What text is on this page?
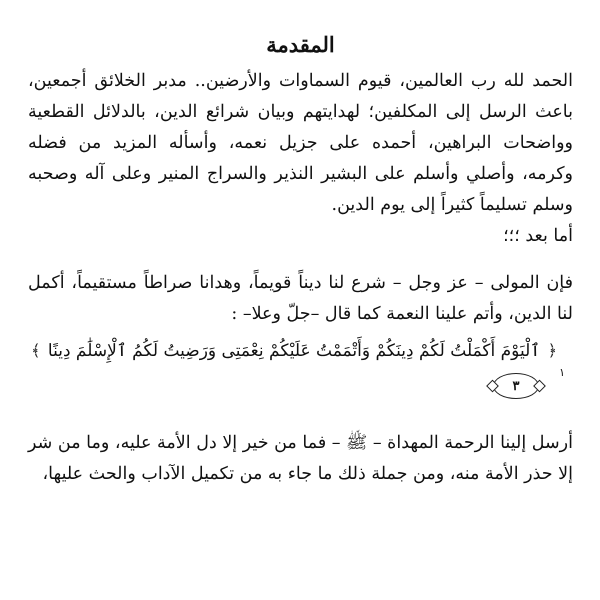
المقدمة

الحمد لله رب العالمين، قيوم السماوات والأرضين.. مدبر الخلائق أجمعين، باعث الرسل إلى المكلفين؛ لهدايتهم وبيان شرائع الدين، بالدلائل القطعية وواضحات البراهين، أحمده على جزيل نعمه، وأسأله المزيد من فضله وكرمه، وأصلي وأسلم على البشير النذير والسراج المنير وعلى آله وصحبه وسلم تسليماً كثيراً إلى يوم الدين.

أما بعد ؛؛؛

فإن المولى – عز وجل – شرع لنا ديناً قويماً، وهدانا صراطاً مستقيماً، أكمل لنا الدين، وأتم علينا النعمة كما قال –جلّ وعلا– :

﴿ ٱلْيَوْمَ أَكْمَلْتُ لَكُمْ دِينَكُمْ وَأَتْمَمْتُ عَلَيْكُمْ نِعْمَتِى وَرَضِيتُ لَكُمُ ٱلْإِسْلَٰمَ دِينًا ﴾
١
٣

أرسل إلينا الرحمة المهداة – ﷺ – فما من خير إلا دل الأمة عليه، وما من شر إلا حذر الأمة منه، ومن جملة ذلك ما جاء به من تكميل الآداب والحث عليها،
